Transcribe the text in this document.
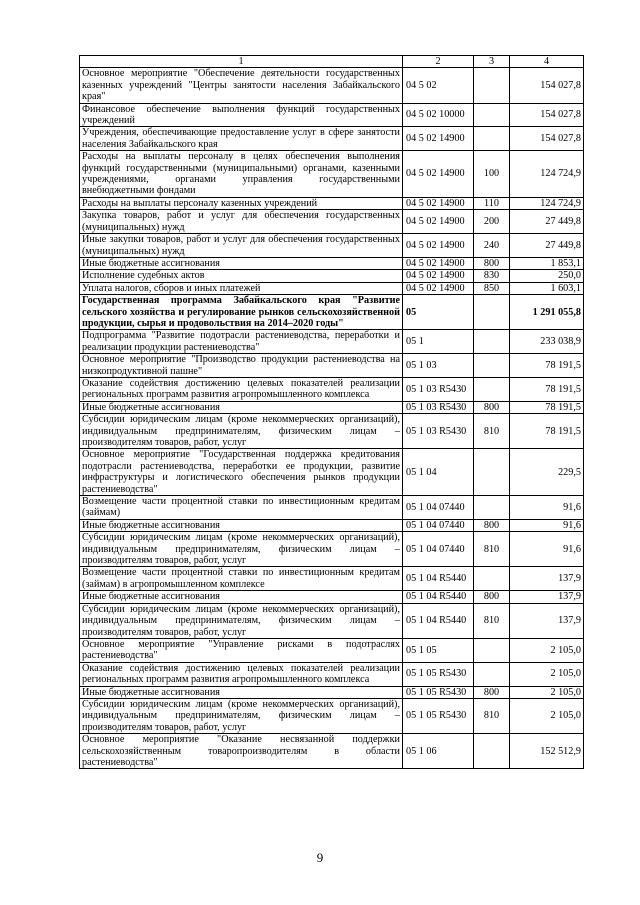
1	2	3	4
Основное мероприятие "Обеспечение деятельности государственных казенных учреждений "Центры занятости населения Забайкальского края"	04 5 02		154 027,8
Финансовое обеспечение выполнения функций государственных учреждений	04 5 02 10000		154 027,8
Учреждения, обеспечивающие предоставление услуг в сфере занятости населения Забайкальского края	04 5 02 14900		154 027,8
Расходы на выплаты персоналу в целях обеспечения выполнения функций государственными (муниципальными) органами, казенными учреждениями, органами управления государственными внебюджетными фондами	04 5 02 14900	100	124 724,9
Расходы на выплаты персоналу казенных учреждений	04 5 02 14900	110	124 724,9
Закупка товаров, работ и услуг для обеспечения государственных (муниципальных) нужд	04 5 02 14900	200	27 449,8
Иные закупки товаров, работ и услуг для обеспечения государственных (муниципальных) нужд	04 5 02 14900	240	27 449,8
Иные бюджетные ассигнования	04 5 02 14900	800	1 853,1
Исполнение судебных актов	04 5 02 14900	830	250,0
Уплата налогов, сборов и иных платежей	04 5 02 14900	850	1 603,1
Государственная программа Забайкальского края "Развитие сельского хозяйства и регулирование рынков сельскохозяйственной продукции, сырья и продовольствия на 2014–2020 годы"	05		1 291 055,8
Подпрограмма "Развитие подотрасли растениеводства, переработки и реализации продукции растениеводства"	05 1		233 038,9
Основное мероприятие "Производство продукции растениеводства на низкопродуктивной пашне"	05 1 03		78 191,5
Оказание содействия достижению целевых показателей реализации региональных программ развития агропромышленного комплекса	05 1 03 R5430		78 191,5
Иные бюджетные ассигнования	05 1 03 R5430	800	78 191,5
Субсидии юридическим лицам (кроме некоммерческих организаций), индивидуальным предпринимателям, физическим лицам – производителям товаров, работ, услуг	05 1 03 R5430	810	78 191,5
Основное мероприятие "Государственная поддержка кредитования подотрасли растениеводства, переработки ее продукции, развитие инфраструктуры и логистического обеспечения рынков продукции растениеводства"	05 1 04		229,5
Возмещение части процентной ставки по инвестиционным кредитам (займам)	05 1 04 07440		91,6
Иные бюджетные ассигнования	05 1 04 07440	800	91,6
Субсидии юридическим лицам (кроме некоммерческих организаций), индивидуальным предпринимателям, физическим лицам – производителям товаров, работ, услуг	05 1 04 07440	810	91,6
Возмещение части процентной ставки по инвестиционным кредитам (займам) в агропромышленном комплексе	05 1 04 R5440		137,9
Иные бюджетные ассигнования	05 1 04 R5440	800	137,9
Субсидии юридическим лицам (кроме некоммерческих организаций), индивидуальным предпринимателям, физическим лицам – производителям товаров, работ, услуг	05 1 04 R5440	810	137,9
Основное мероприятие "Управление рисками в подотраслях растениеводства"	05 1 05		2 105,0
Оказание содействия достижению целевых показателей реализации региональных программ развития агропромышленного комплекса	05 1 05 R5430		2 105,0
Иные бюджетные ассигнования	05 1 05 R5430	800	2 105,0
Субсидии юридическим лицам (кроме некоммерческих организаций), индивидуальным предпринимателям, физическим лицам – производителям товаров, работ, услуг	05 1 05 R5430	810	2 105,0
Основное мероприятие "Оказание несвязанной поддержки сельскохозяйственным товаропроизводителям в области растениеводства"	05 1 06		152 512,9
9
